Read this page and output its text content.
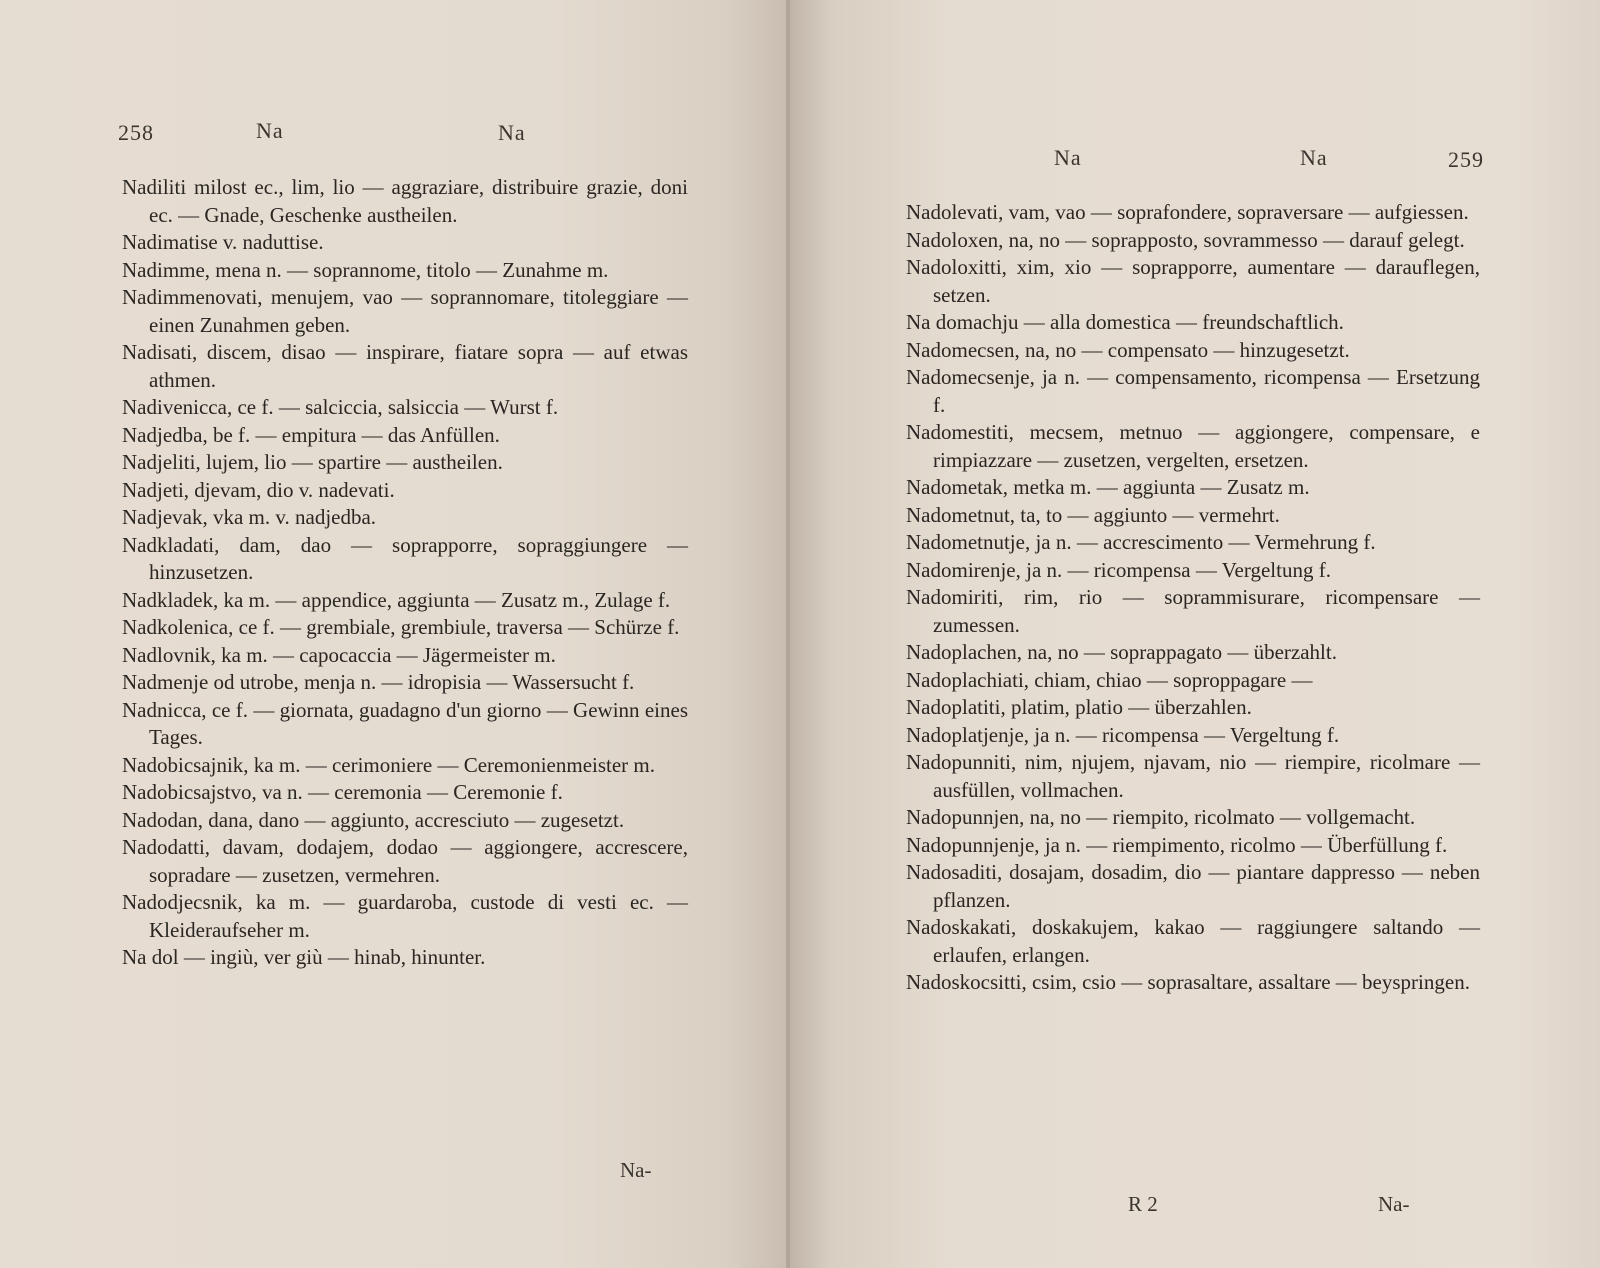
258	Na	Na
Nadiliti milost ec., lim, lio — aggraziare, distribuire grazie, doni ec. — Gnade, Geschenke austheilen.
Nadimatise v. naduttise.
Nadimme, mena n. — soprannome, titolo — Zunahme m.
Nadimmenovati, menujem, vao — soprannomare, titoleggiare — einen Zunahmen geben.
Nadisati, discem, disao — inspirare, fiatare sopra — auf etwas athmen.
Nadivenicca, ce f. — salciccia, salsiccia — Wurst f.
Nadjedba, be f. — empitura — das Anfüllen.
Nadjeliti, lujem, lio — spartire — austheilen.
Nadjeti, djevam, dio v. nadevati.
Nadjevak, vka m. v. nadjedba.
Nadkladati, dam, dao — soprapporre, sopraggiungere — hinzusetzen.
Nadkladek, ka m. — appendice, aggiunta — Zusatz m., Zulage f.
Nadkolenica, ce f. — grembiale, grembiule, traversa — Schürze f.
Nadlovnik, ka m. — capocaccia — Jägermeister m.
Nadmenje od utrobe, menja n. — idropisia — Wassersucht f.
Nadnicca, ce f. — giornata, guadagno d'un giorno — Gewinn eines Tages.
Nadobicsajnik, ka m. — cerimoniere — Ceremonienmeister m.
Nadobicsajstvo, va n. — ceremonia — Ceremonie f.
Nadodan, dana, dano — aggiunto, accresciuto — zugesetzt.
Nadodatti, davam, dodajem, dodao — aggiongere, accrescere, sopradare — zusetzen, vermehren.
Nadodjecsnik, ka m. — guardaroba, custode di vesti ec. — Kleideraufseher m.
Na dol — ingiù, ver giù — hinab, hinunter.
Na-
Na	Na	259
Nadolevati, vam, vao — soprafondere, sopraversare — aufgiessen.
Nadoloxen, na, no — soprapposto, sovrammesso — darauf gelegt.
Nadoloxitti, xim, xio — soprapporre, aumentare — darauflegen, setzen.
Na domachju — alla domestica — freundschaftlich.
Nadomecsen, na, no — compensato — hinzugesetzt.
Nadomecsenje, ja n. — compensamento, ricompensa — Ersetzung f.
Nadomestiti, mecsem, metnuo — aggiongere, compensare, e rimpiazzare — zusetzen, vergelten, ersetzen.
Nadometak, metka m. — aggiunta — Zusatz m.
Nadometnut, ta, to — aggiunto — vermehrt.
Nadometnutje, ja n. — accrescimento — Vermehrung f.
Nadomirenje, ja n. — ricompensa — Vergeltung f.
Nadomiriti, rim, rio — soprammisurare, ricompensare — zumessen.
Nadoplachen, na, no — soprappagato — überzahlt.
Nadoplachiati, chiam, chiao — soproppagare —
Nadoplatiti, platim, platio — überzahlen.
Nadoplatjenje, ja n. — ricompensa — Vergeltung f.
Nadopunniti, nim, njujem, njavam, nio — riempire, ricolmare — ausfüllen, vollmachen.
Nadopunnjen, na, no — riempito, ricolmato — vollgemacht.
Nadopunnjenje, ja n. — riempimento, ricolmo — Überfüllung f.
Nadosaditi, dosajam, dosadim, dio — piantare dappresso — neben pflanzen.
Nadoskakati, doskakujem, kakao — raggiungere saltando — erlaufen, erlangen.
Nadoskocsitti, csim, csio — soprasaltare, assaltare — beyspringen.
R 2	Na-
